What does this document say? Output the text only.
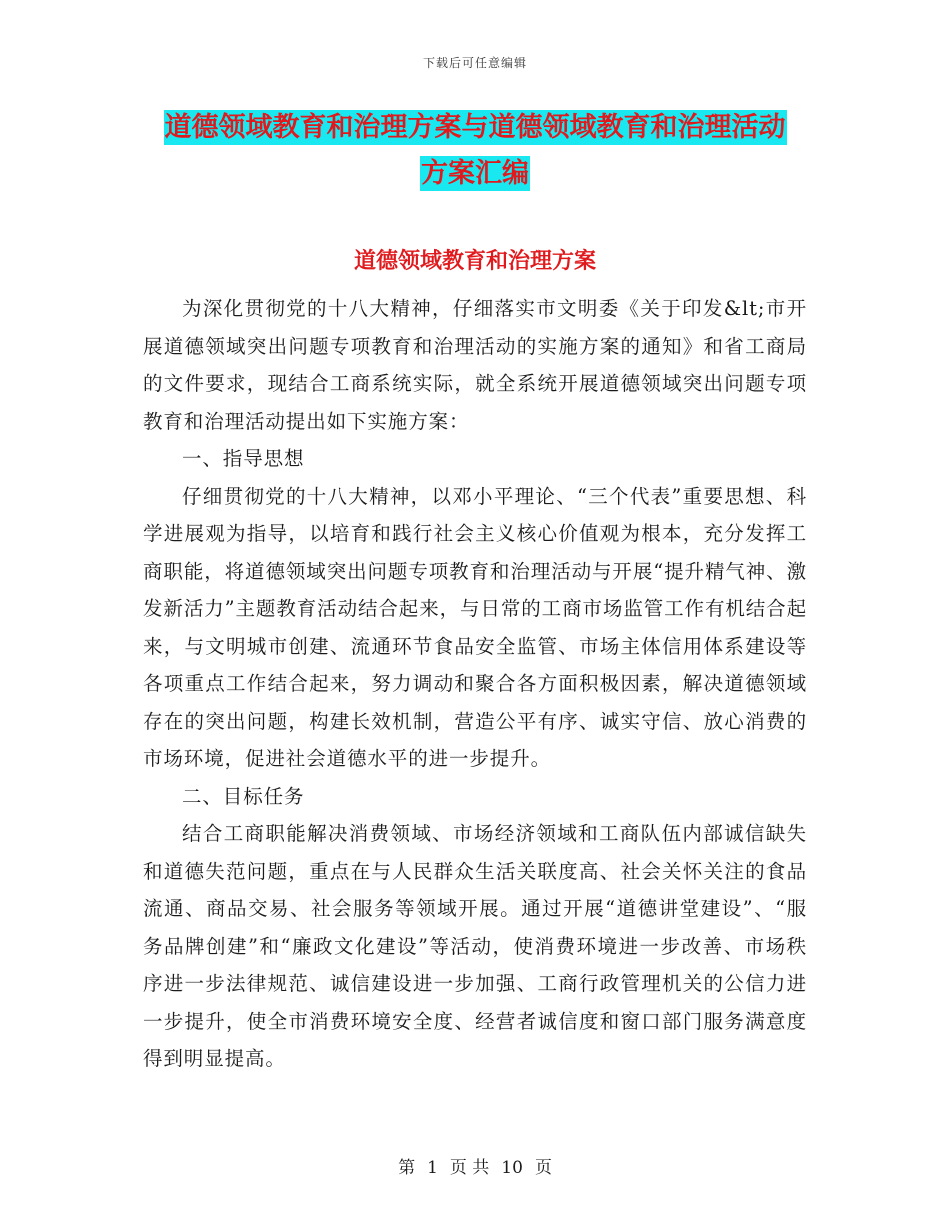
下载后可任意编辑
道德领域教育和治理方案与道德领域教育和治理活动
方案汇编
道德领域教育和治理方案

为深化贯彻党的十八大精神，仔细落实市文明委《关于印发&lt;市开展道德领域突出问题专项教育和治理活动的实施方案的通知》和省工商局的文件要求，现结合工商系统实际，就全系统开展道德领域突出问题专项教育和治理活动提出如下实施方案：

一、指导思想

仔细贯彻党的十八大精神，以邓小平理论、“三个代表”重要思想、科学进展观为指导，以培育和践行社会主义核心价值观为根本，充分发挥工商职能，将道德领域突出问题专项教育和治理活动与开展“提升精气神、激发新活力”主题教育活动结合起来，与日常的工商市场监管工作有机结合起来，与文明城市创建、流通环节食品安全监管、市场主体信用体系建设等各项重点工作结合起来，努力调动和聚合各方面积极因素，解决道德领域存在的突出问题，构建长效机制，营造公平有序、诚实守信、放心消费的市场环境，促进社会道德水平的进一步提升。

二、目标任务

结合工商职能解决消费领域、市场经济领域和工商队伍内部诚信缺失和道德失范问题，重点在与人民群众生活关联度高、社会关怀关注的食品流通、商品交易、社会服务等领域开展。通过开展“道德讲堂建设”、“服务品牌创建”和“廉政文化建设”等活动，使消费环境进一步改善、市场秩序进一步法律规范、诚信建设进一步加强、工商行政管理机关的公信力进一步提升，使全市消费环境安全度、经营者诚信度和窗口部门服务满意度得到明显提高。

第 1 页 共 10 页
